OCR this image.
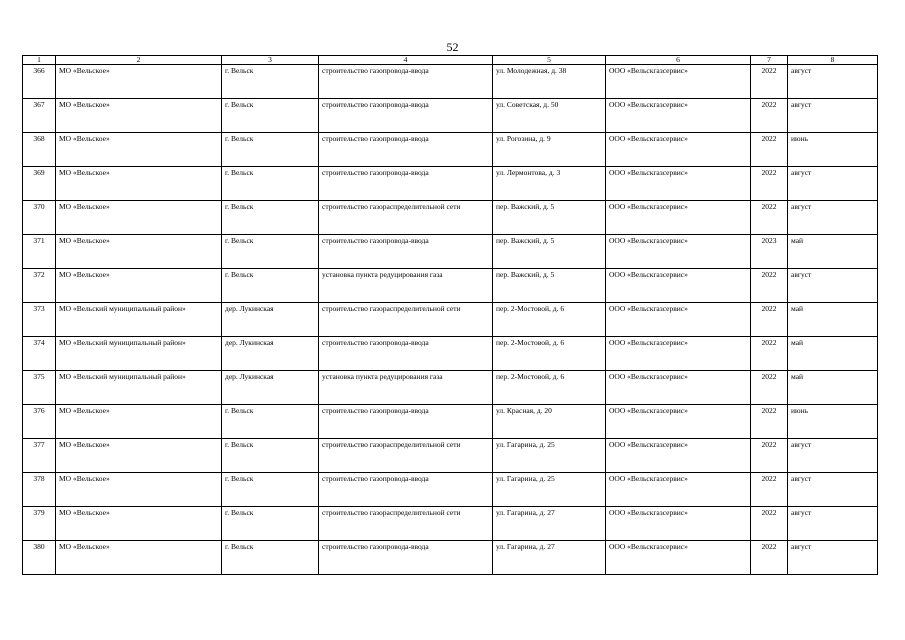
52
1	2	3	4	5	6	7	8
366	МО «Вельское»	г. Вельск	строительство газопровода-ввода	ул. Молодежная, д. 38	ООО «Вельскгазсервис»	2022	август
367	МО «Вельское»	г. Вельск	строительство газопровода-ввода	ул. Советская, д. 50	ООО «Вельскгазсервис»	2022	август
368	МО «Вельское»	г. Вельск	строительство газопровода-ввода	ул. Рогозина, д. 9	ООО «Вельскгазсервис»	2022	июнь
369	МО «Вельское»	г. Вельск	строительство газопровода-ввода	ул. Лермонтова, д. 3	ООО «Вельскгазсервис»	2022	август
370	МО «Вельское»	г. Вельск	строительство газораспределительной сети	пер. Важский, д. 5	ООО «Вельскгазсервис»	2022	август
371	МО «Вельское»	г. Вельск	строительство газопровода-ввода	пер. Важский, д. 5	ООО «Вельскгазсервис»	2023	май
372	МО «Вельское»	г. Вельск	установка пункта редуцирования газа	пер. Важский, д. 5	ООО «Вельскгазсервис»	2022	август
373	МО «Вельский муниципальный район»	дер. Лукинская	строительство газораспределительной сети	пер. 2-Мостовой, д. 6	ООО «Вельскгазсервис»	2022	май
374	МО «Вельский муниципальный район»	дер. Лукинская	строительство газопровода-ввода	пер. 2-Мостовой, д. 6	ООО «Вельскгазсервис»	2022	май
375	МО «Вельский муниципальный район»	дер. Лукинская	установка пункта редуцирования газа	пер. 2-Мостовой, д. 6	ООО «Вельскгазсервис»	2022	май
376	МО «Вельское»	г. Вельск	строительство газопровода-ввода	ул. Красная, д. 20	ООО «Вельскгазсервис»	2022	июнь
377	МО «Вельское»	г. Вельск	строительство газораспределительной сети	ул. Гагарина, д. 25	ООО «Вельскгазсервис»	2022	август
378	МО «Вельское»	г. Вельск	строительство газопровода-ввода	ул. Гагарина, д. 25	ООО «Вельскгазсервис»	2022	август
379	МО «Вельское»	г. Вельск	строительство газораспределительной сети	ул. Гагарина, д. 27	ООО «Вельскгазсервис»	2022	август
380	МО «Вельское»	г. Вельск	строительство газопровода-ввода	ул. Гагарина, д. 27	ООО «Вельскгазсервис»	2022	август
